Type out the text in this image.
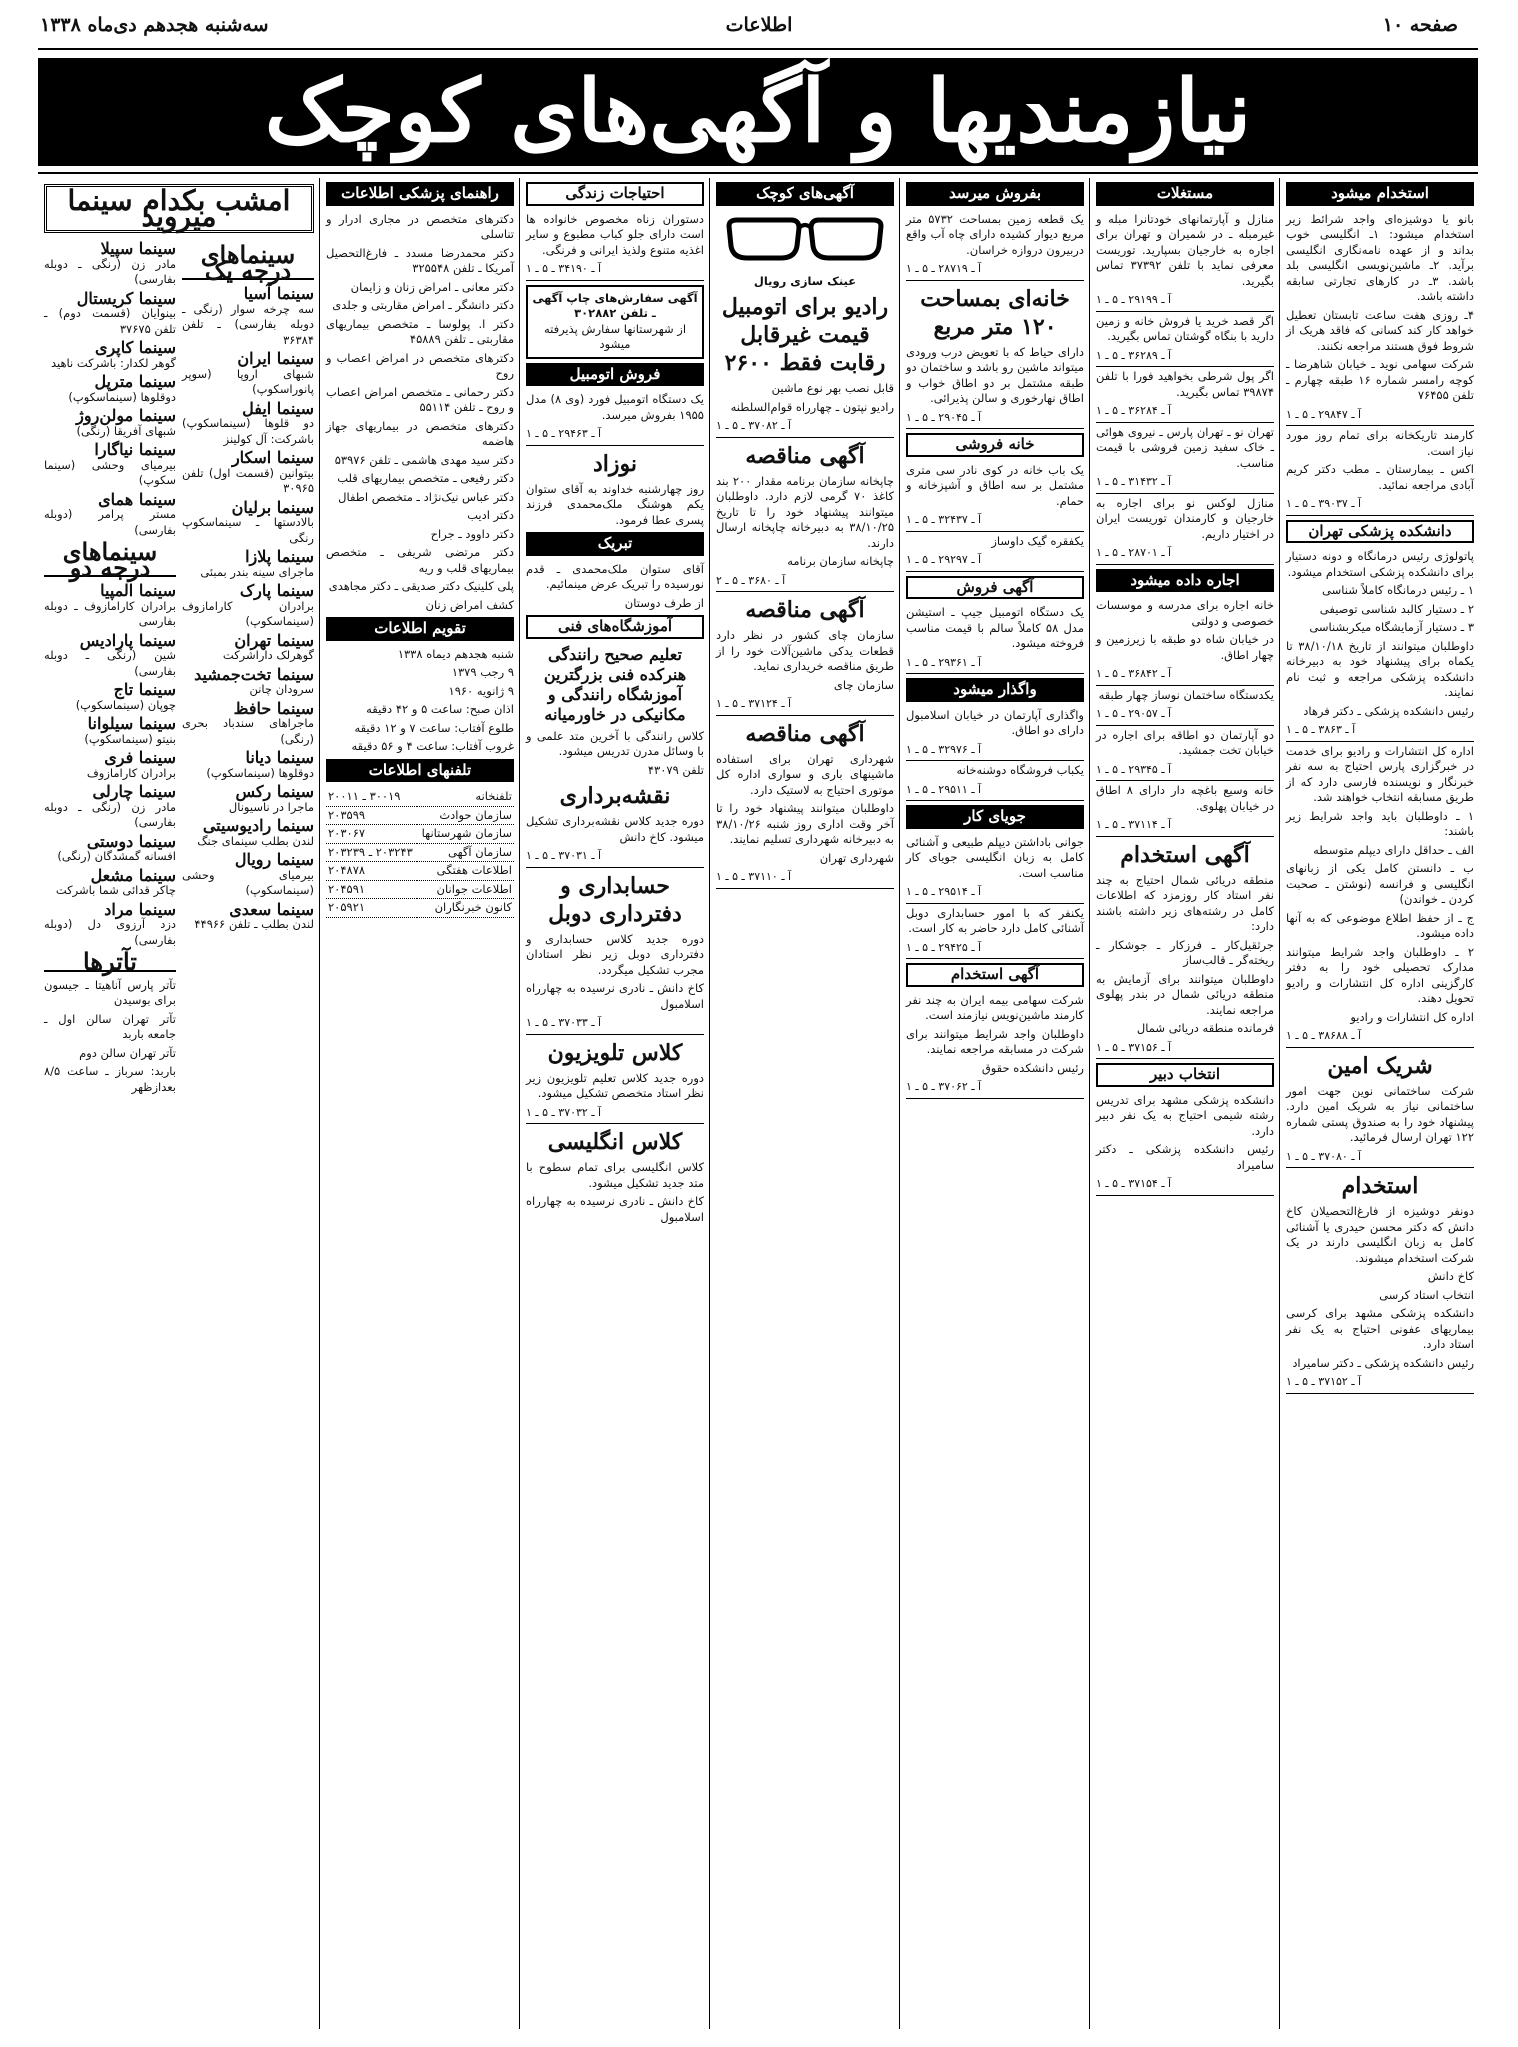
صفحه ۱۰
اطلاعات
سه‌شنبه هجدهم دی‌ماه ۱۳۳۸
نیازمندیها و آگهی‌های کوچک
استخدام میشود
بانو یا دوشیزه‌ای واجد شرائط زیر استخدام میشود: ۱ـ انگلیسی خوب بداند و از عهده نامه‌نگاری انگلیسی برآید. ۲ـ ماشین‌نویسی انگلیسی بلد باشد. ۳ـ در کارهای تجارتی سابقه داشته باشد.
۴ـ روزی هفت ساعت تابستان تعطیل خواهد کار کند کسانی که فاقد هریک از شروط فوق هستند مراجعه نکنند.
شرکت سهامی نوید ـ خیابان شاهرضا ـ کوچه رامسر شماره ۱۶ طبقه چهارم ـ تلفن ۷۶۴۵۵
آ ـ ۲۹۸۴۷ ـ ۵ ـ ۱
کارمند تاریکخانه برای تمام روز مورد نیاز است.
اکس ـ بیمارستان ـ مطب دکتر کریم آبادی مراجعه نمائید.
آ ـ ۳۹۰۳۷ ـ ۵ ـ ۱
دانشکده پزشکی تهران
پاتولوژی رئیس درمانگاه و دونه دستیار برای دانشکده پزشکی استخدام میشود.
۱ ـ رئیس درمانگاه کاملاً شناسی
۲ ـ دستیار کالبد شناسی توصیفی
۳ ـ دستیار آزمایشگاه میکربشناسی
داوطلبان میتوانند از تاریخ ۳۸/۱۰/۱۸ تا یکماه برای پیشنهاد خود به دبیرخانه دانشکده پزشکی مراجعه و ثبت نام نمایند.
رئیس دانشکده پزشکی ـ دکتر فرهاد
آ ـ ۳۸۶۳ ـ ۵ ـ ۱
اداره کل انتشارات و رادیو برای خدمت در خبرگزاری پارس احتیاج به سه نفر خبرنگار و نویسنده فارسی دارد که از طریق مسابقه انتخاب خواهند شد.
۱ ـ داوطلبان باید واجد شرایط زیر باشند:
الف ـ حداقل دارای دیپلم متوسطه
ب ـ دانستن کامل یکی از زبانهای انگلیسی و فرانسه (نوشتن ـ صحبت کردن ـ خواندن)
ج ـ از حفظ اطلاع موضوعی که به آنها داده میشود.
۲ ـ داوطلبان واجد شرایط میتوانند مدارک تحصیلی خود را به دفتر کارگزینی اداره کل انتشارات و رادیو تحویل دهند.
اداره کل انتشارات و رادیو
آ ـ ۳۸۶۸۸ ـ ۵ ـ ۱
شریک امین
شرکت ساختمانی نوین جهت امور ساختمانی نیاز به شریک امین دارد. پیشنهاد خود را به صندوق پستی شماره ۱۲۲ تهران ارسال فرمائید.
آ ـ ۳۷۰۸۰ ـ ۵ ـ ۱
استخدام
دونفر دوشیزه از فارغ‌التحصیلان کاخ دانش که دکتر محسن حیدری یا آشنائی کامل به زبان انگلیسی دارند در یک شرکت استخدام میشوند.
کاخ دانش
انتخاب استاد کرسی
دانشکده پزشکی مشهد برای کرسی بیماریهای عفونی احتیاج به یک نفر استاد دارد.
رئیس دانشکده پزشکی ـ دکتر سامیراد
آ ـ ۳۷۱۵۲ ـ ۵ ـ ۱
مستغلات
منازل و آپارتمانهای خودتانرا مبله و غیرمبله ـ در شمیران و تهران برای اجاره به خارجیان بسپارید. توریست معرفی نماید با تلفن ۳۷۳۹۲ تماس بگیرید.
آ ـ ۲۹۱۹۹ ـ ۵ ـ ۱
اگر قصد خرید یا فروش خانه و زمین دارید با بنگاه گوشتان تماس بگیرید.
آ ـ ۳۶۲۸۹ ـ ۵ ـ ۱
اگر پول شرطی بخواهید فورا با تلفن ۳۹۸۷۴ تماس بگیرید.
آ ـ ۳۶۲۸۴ ـ ۵ ـ ۱
تهران نو ـ تهران پارس ـ نیروی هوائی ـ خاک سفید زمین فروشی با قیمت مناسب.
آ ـ ۳۱۴۳۲ ـ ۵ ـ ۱
منازل لوکس نو برای اجاره به خارجیان و کارمندان توریست ایران در اختیار داریم.
آ ـ ۲۸۷۰۱ ـ ۵ ـ ۱
اجاره داده میشود
خانه اجاره برای مدرسه و موسسات خصوصی و دولتی
در خیابان شاه دو طبقه با زیرزمین و چهار اطاق.
آ ـ ۳۶۸۴۲ ـ ۵ ـ ۱
یکدستگاه ساختمان نوساز چهار طبقه
آ ـ ۲۹۰۵۷ ـ ۵ ـ ۱
دو آپارتمان دو اطاقه برای اجاره در خیابان تخت جمشید.
آ ـ ۲۹۳۴۵ ـ ۵ ـ ۱
خانه وسیع باغچه دار دارای ۸ اطاق در خیابان پهلوی.
آ ـ ۳۷۱۱۴ ـ ۵ ـ ۱
آگهی استخدام
منطقه دریائی شمال احتیاج به چند نفر استاد کار روزمزد که اطلاعات کامل در رشته‌های زیر داشته باشند دارد:
جرثقیل‌کار ـ فرزکار ـ جوشکار ـ ریخته‌گر ـ قالب‌ساز
داوطلبان میتوانند برای آزمایش به منطقه دریائی شمال در بندر پهلوی مراجعه نمایند.
فرمانده منطقه دریائی شمال
آ ـ ۳۷۱۵۶ ـ ۵ ـ ۱
انتخاب دبیر
دانشکده پزشکی مشهد برای تدریس رشته شیمی احتیاج به یک نفر دبیر دارد.
رئیس دانشکده پزشکی ـ دکتر سامیراد
آ ـ ۳۷۱۵۴ ـ ۵ ـ ۱
بفروش میرسد
یک قطعه زمین بمساحت ۵۷۳۲ متر مربع دیوار کشیده دارای چاه آب واقع دربیرون دروازه خراسان.
آ ـ ۲۸۷۱۹ ـ ۵ ـ ۱
خانه‌ای بمساحت ۱۲۰ متر مربع
دارای حیاط که با تعویض درب ورودی میتواند ماشین رو باشد و ساختمان دو طبقه مشتمل بر دو اطاق خواب و اطاق نهارخوری و سالن پذیرائی.
آ ـ ۲۹۰۴۵ ـ ۵ ـ ۱
خانه فروشی
یک باب خانه در کوی نادر سی متری مشتمل بر سه اطاق و آشپزخانه و حمام.
آ ـ ۳۲۴۳۷ ـ ۵ ـ ۱
یکفقره گیک داوساز
آ ـ ۲۹۲۹۷ ـ ۵ ـ ۱
آگهی فروش
یک دستگاه اتومبیل جیپ ـ استیشن مدل ۵۸ کاملاً سالم با قیمت مناسب فروخته میشود.
آ ـ ۲۹۳۶۱ ـ ۵ ـ ۱
واگذار میشود
واگذاری آپارتمان در خیابان اسلامبول دارای دو اطاق.
آ ـ ۳۲۹۷۶ ـ ۵ ـ ۱
یکباب فروشگاه دوشنه‌خانه
آ ـ ۲۹۵۱۱ ـ ۵ ـ ۱
جویای کار
جوانی باداشتن دیپلم طبیعی و آشنائی کامل به زبان انگلیسی جویای کار مناسب است.
آ ـ ۲۹۵۱۴ ـ ۵ ـ ۱
یکنفر که با امور حسابداری دوبل آشنائی کامل دارد حاضر به کار است.
آ ـ ۲۹۴۲۵ ـ ۵ ـ ۱
آگهی استخدام
شرکت سهامی بیمه ایران به چند نفر کارمند ماشین‌نویس نیازمند است.
داوطلبان واجد شرایط میتوانند برای شرکت در مسابقه مراجعه نمایند.
رئیس دانشکده حقوق
آ ـ ۳۷۰۶۲ ـ ۵ ـ ۱
آگهی‌های کوچک
عینک سازی رویال
رادیو برای اتومبیل قیمت غیرقابل رقابت فقط ۲۶۰۰
قابل نصب بهر نوع ماشین
رادیو نپتون ـ چهارراه قوام‌السلطنه
آ ـ ۳۷۰۸۲ ـ ۵ ـ ۱
آگهی مناقصه
چاپخانه سازمان برنامه مقدار ۲۰۰ بند کاغذ ۷۰ گرمی لازم دارد. داوطلبان میتوانند پیشنهاد خود را تا تاریخ ۳۸/۱۰/۲۵ به دبیرخانه چاپخانه ارسال دارند.
چاپخانه سازمان برنامه
آ ـ ۳۶۸۰ ـ ۵ ـ ۲
آگهی مناقصه
سازمان چای کشور در نظر دارد قطعات یدکی ماشین‌آلات خود را از طریق مناقصه خریداری نماید.
سازمان چای
آ ـ ۳۷۱۲۴ ـ ۵ ـ ۱
آگهی مناقصه
شهرداری تهران برای استفاده ماشینهای باری و سواری اداره کل موتوری احتیاج به لاستیک دارد.
داوطلبان میتوانند پیشنهاد خود را تا آخر وقت اداری روز شنبه ۳۸/۱۰/۲۶ به دبیرخانه شهرداری تسلیم نمایند.
شهرداری تهران
آ ـ ۳۷۱۱۰ ـ ۵ ـ ۱
احتیاجات زندگی
دستوران زناه مخصوص خانواده ها است دارای جلو کباب مطبوع و سایر اغذیه متنوع ولذیذ ایرانی و فرنگی.
آ ـ ۳۴۱۹۰ ـ ۵ ـ ۱
آگهی سفارش‌های چاپ آگهی ـ تلفن ۳۰۲۸۸۲
از شهرستانها سفارش پذیرفته میشود
فروش اتومبیل
یک دستگاه اتومبیل فورد (وی ۸) مدل ۱۹۵۵ بفروش میرسد.
آ ـ ۲۹۴۶۳ ـ ۵ ـ ۱
نوزاد
روز چهارشنبه خداوند به آقای ستوان یکم هوشنگ ملک‌محمدی فرزند پسری عطا فرمود.
تبریک
آقای ستوان ملک‌محمدی ـ قدم نورسیده را تبریک عرض مینمائیم.
از طرف دوستان
آموزشگاه‌های فنی
تعلیم صحیح رانندگی هنرکده فنی بزرگترین آموزشگاه رانندگی و مکانیکی در خاورمیانه
کلاس رانندگی با آخرین متد علمی و با وسائل مدرن تدریس میشود.
تلفن ۴۳۰۷۹
نقشه‌برداری
دوره جدید کلاس نقشه‌برداری تشکیل میشود. کاخ دانش
آ ـ ۳۷۰۳۱ ـ ۵ ـ ۱
حسابداری و دفترداری دوبل
دوره جدید کلاس حسابداری و دفترداری دوبل زیر نظر استادان مجرب تشکیل میگردد.
کاخ دانش ـ نادری نرسیده به چهارراه اسلامبول
آ ـ ۳۷۰۳۳ ـ ۵ ـ ۱
کلاس تلویزیون
دوره جدید کلاس تعلیم تلویزیون زیر نظر استاد متخصص تشکیل میشود.
آ ـ ۳۷۰۳۲ ـ ۵ ـ ۱
کلاس انگلیسی
کلاس انگلیسی برای تمام سطوح با متد جدید تشکیل میشود.
کاخ دانش ـ نادری نرسیده به چهارراه اسلامبول
راهنمای پزشکی اطلاعات
دکترهای متخصص در مجاری ادرار و تناسلی
دکتر محمدرضا مسدد ـ فارغ‌التحصیل آمریکا ـ تلفن ۳۲۵۵۴۸
دکتر معانی ـ امراض زنان و زایمان
دکتر دانشگر ـ امراض مقاربتی و جلدی
دکتر ا. پولوسا ـ متخصص بیماریهای مقاربتی ـ تلفن ۴۵۸۸۹
دکترهای متخصص در امراض اعصاب و روح
دکتر رحمانی ـ متخصص امراض اعصاب و روح ـ تلفن ۵۵۱۱۴
دکترهای متخصص در بیماریهای جهاز هاضمه
دکتر سید مهدی هاشمی ـ تلفن ۵۳۹۷۶
دکتر رفیعی ـ متخصص بیماریهای قلب
دکتر عباس نیک‌نژاد ـ متخصص اطفال
دکتر ادیب
دکتر داوود ـ جراح
دکتر مرتضی شریفی ـ متخصص بیماریهای قلب و ریه
پلی کلینیک دکتر صدیقی ـ دکتر مجاهدی
کشف امراض زنان
تقویم اطلاعات
شنبه هجدهم دیماه ۱۳۳۸
۹ رجب ۱۳۷۹
۹ ژانویه ۱۹۶۰
اذان صبح: ساعت ۵ و ۴۲ دقیقه
طلوع آفتاب: ساعت ۷ و ۱۲ دقیقه
غروب آفتاب: ساعت ۴ و ۵۶ دقیقه
تلفنهای اطلاعات
تلفنخانه	۳۰۰۱۹ ـ ۲۰۰۱۱
سازمان حوادث	۲۰۳۵۹۹
سازمان شهرستانها	۲۰۳۰۶۷
سازمان آگهی	۲۰۳۲۴۳ ـ ۲۰۳۲۳۹
اطلاعات هفتگی	۲۰۴۸۷۸
اطلاعات جوانان	۲۰۴۵۹۱
کانون خبرنگاران	۲۰۵۹۲۱
امشب بکدام سینما میروید
سینماهای درجه یک
سینما آسیا
سه چرخه سوار (رنگی ـ دوبله بفارسی) ـ تلفن ۳۶۳۸۴
سینما ایران
شبهای اروپا (سوپر پانوراسکوپ)
سینما ایفل
دو قلوها (سینماسکوپ) باشرکت: آل کولینز
سینما اسکار
بیتوانین (قسمت اول) تلفن ۳۰۹۶۵
سینما برلیان
بالادستها ـ سینماسکوپ رنگی
سینما پلازا
ماجرای سینه بندر بمبئی
سینما پارک
برادران کارامازوف (سینماسکوپ)
سینما تهران
گوهرلک داراشرکت
سینما تخت‌جمشید
سرودان چانن
سینما حافظ
ماجراهای سندباد بحری (رنگی)
سینما دیانا
دوقلوها (سینماسکوپ)
سینما رکس
ماجرا در ناسیونال
سینما رادیوسیتی
لندن بطلب سینمای جنگ
سینما رویال
بیرمیای وحشی (سینماسکوپ)
سینما سعدی
لندن بطلب ـ تلفن ۴۴۹۶۶
سینما سپیلا
مادر زن (رنگی ـ دوبله بفارسی)
سینما کریستال
بینوایان (قسمت دوم) ـ تلفن ۳۷۶۷۵
سینما کاپری
گوهر لکدار: باشرکت ناهید
سینما مترپل
دوقلوها (سینماسکوپ)
سینما مولن‌روژ
شبهای آفریقا (رنگی)
سینما نیاگارا
بیرمیای وحشی (سینما سکوپ)
سینما همای
مستر پرامر (دوبله بفارسی)
سینماهای درجه دو
سینما المپیا
برادران کارامازوف ـ دوبله بفارسی
سینما پارادیس
شین (رنگی ـ دوبله بفارسی)
سینما تاج
چوپان (سینماسکوپ)
سینما سیلوانا
بنیتو (سینماسکوپ)
سینما فری
برادران کارامازوف
سینما چارلی
مادر زن (رنگی ـ دوبله بفارسی)
سینما دوستی
افسانه گمشدگان (رنگی)
سینما مشعل
چاکر قدائی شما باشرکت
سینما مراد
دزد آرزوی دل (دوبله بفارسی)
تآترها
تآتر پارس آناهیتا ـ جیسون برای بوسیدن
تآتر تهران سالن اول ـ جامعه باربد
تآتر تهران سالن دوم
باربد: سرباز ـ ساعت ۸/۵ بعدازظهر
